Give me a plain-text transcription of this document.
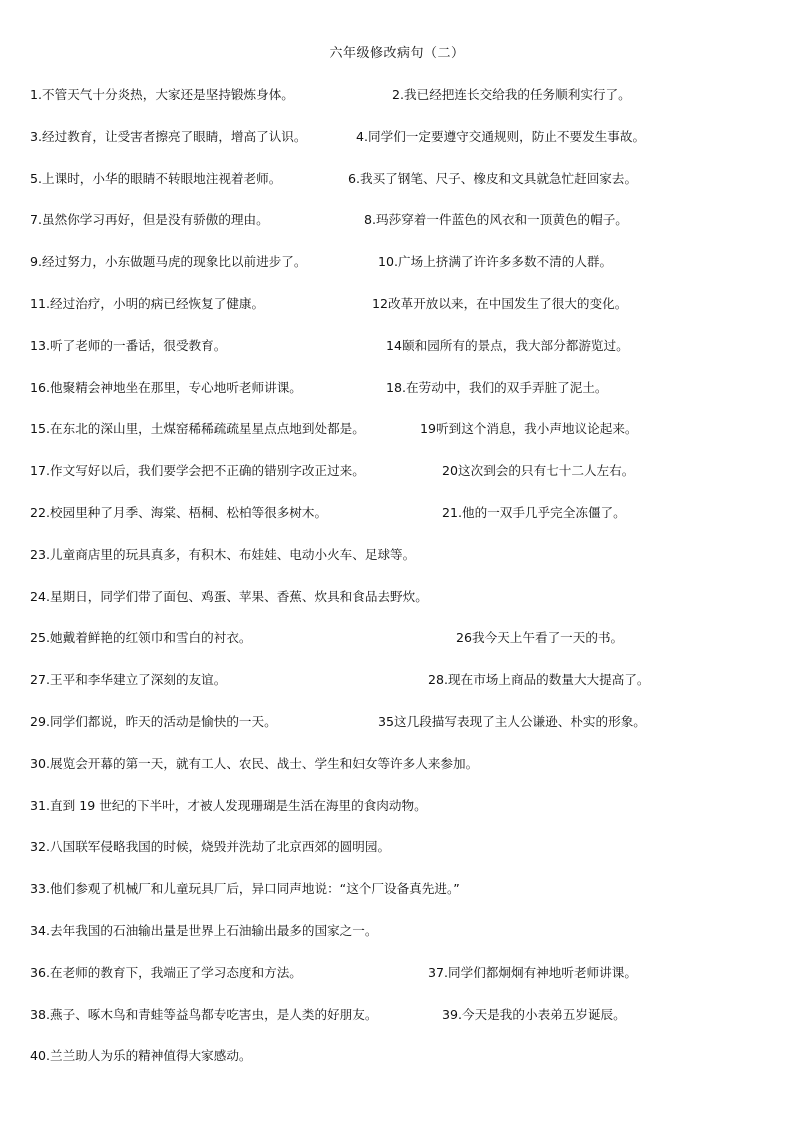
六年级修改病句（二）
1.不管天气十分炎热，大家还是坚持锻炼身体。	2.我已经把连长交给我的任务顺利实行了。
3.经过教育，让受害者擦亮了眼睛，增高了认识。	4.同学们一定要遵守交通规则，防止不要发生事故。
5.上课时，小华的眼睛不转眼地注视着老师。	6.我买了钢笔、尺子、橡皮和文具就急忙赶回家去。
7.虽然你学习再好，但是没有骄傲的理由。	8.玛莎穿着一件蓝色的风衣和一顶黄色的帽子。
9.经过努力，小东做题马虎的现象比以前进步了。	10.广场上挤满了许许多多数不清的人群。
11.经过治疗，小明的病已经恢复了健康。	12改革开放以来，在中国发生了很大的变化。
13.听了老师的一番话，很受教育。	14颐和园所有的景点，我大部分都游览过。
16.他聚精会神地坐在那里，专心地听老师讲课。	18.在劳动中，我们的双手弄脏了泥土。
15.在东北的深山里，土煤窑稀稀疏疏星星点点地到处都是。	19听到这个消息，我小声地议论起来。
17.作文写好以后，我们要学会把不正确的错别字改正过来。	20这次到会的只有七十二人左右。
22.校园里种了月季、海棠、梧桐、松柏等很多树木。	21.他的一双手几乎完全冻僵了。
23.儿童商店里的玩具真多，有积木、布娃娃、电动小火车、足球等。
24.星期日，同学们带了面包、鸡蛋、苹果、香蕉、炊具和食品去野炊。
25.她戴着鲜艳的红领巾和雪白的衬衣。	26我今天上午看了一天的书。
27.王平和李华建立了深刻的友谊。	28.现在市场上商品的数量大大提高了。
29.同学们都说，昨天的活动是愉快的一天。	35这几段描写表现了主人公谦逊、朴实的形象。
30.展览会开幕的第一天，就有工人、农民、战士、学生和妇女等许多人来参加。
31.直到 19 世纪的下半叶，才被人发现珊瑚是生活在海里的食肉动物。
32.八国联军侵略我国的时候，烧毁并洗劫了北京西郊的圆明园。
33.他们参观了机械厂和儿童玩具厂后，异口同声地说：“这个厂设备真先进。”
34.去年我国的石油输出量是世界上石油输出最多的国家之一。
36.在老师的教育下，我端正了学习态度和方法。	37.同学们都炯炯有神地听老师讲课。
38.燕子、啄木鸟和青蛙等益鸟都专吃害虫，是人类的好朋友。	39.今天是我的小表弟五岁诞辰。
40.兰兰助人为乐的精神值得大家感动。
